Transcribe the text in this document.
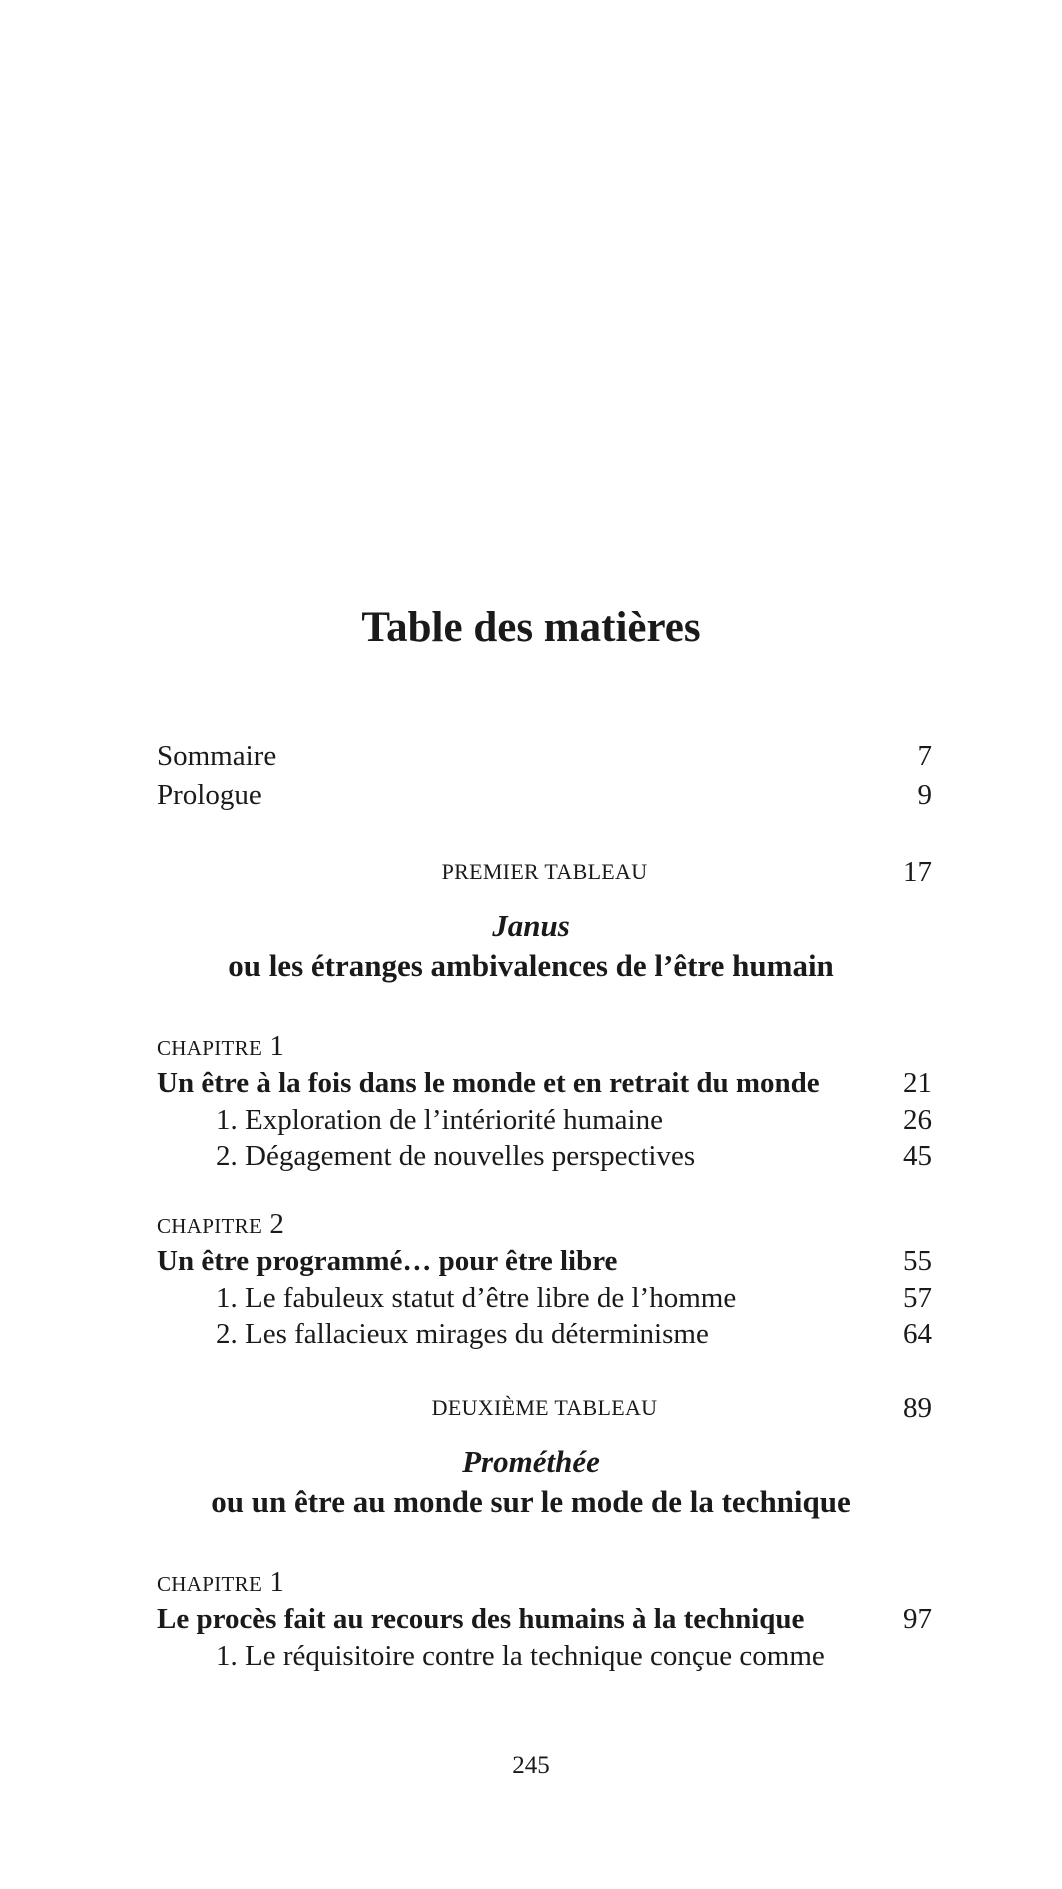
Table des matières
Sommaire	7
Prologue	9
PREMIER TABLEAU	17
Janus
ou les étranges ambivalences de l’être humain
CHAPITRE 1
Un être à la fois dans le monde et en retrait du monde	21
1. Exploration de l’intériorité humaine	26
2. Dégagement de nouvelles perspectives	45
CHAPITRE 2
Un être programmé… pour être libre	55
1. Le fabuleux statut d’être libre de l’homme	57
2. Les fallacieux mirages du déterminisme	64
DEUXIÈME TABLEAU	89
Prométhée
ou un être au monde sur le mode de la technique
CHAPITRE 1
Le procès fait au recours des humains à la technique	97
1. Le réquisitoire contre la technique conçue comme
245
